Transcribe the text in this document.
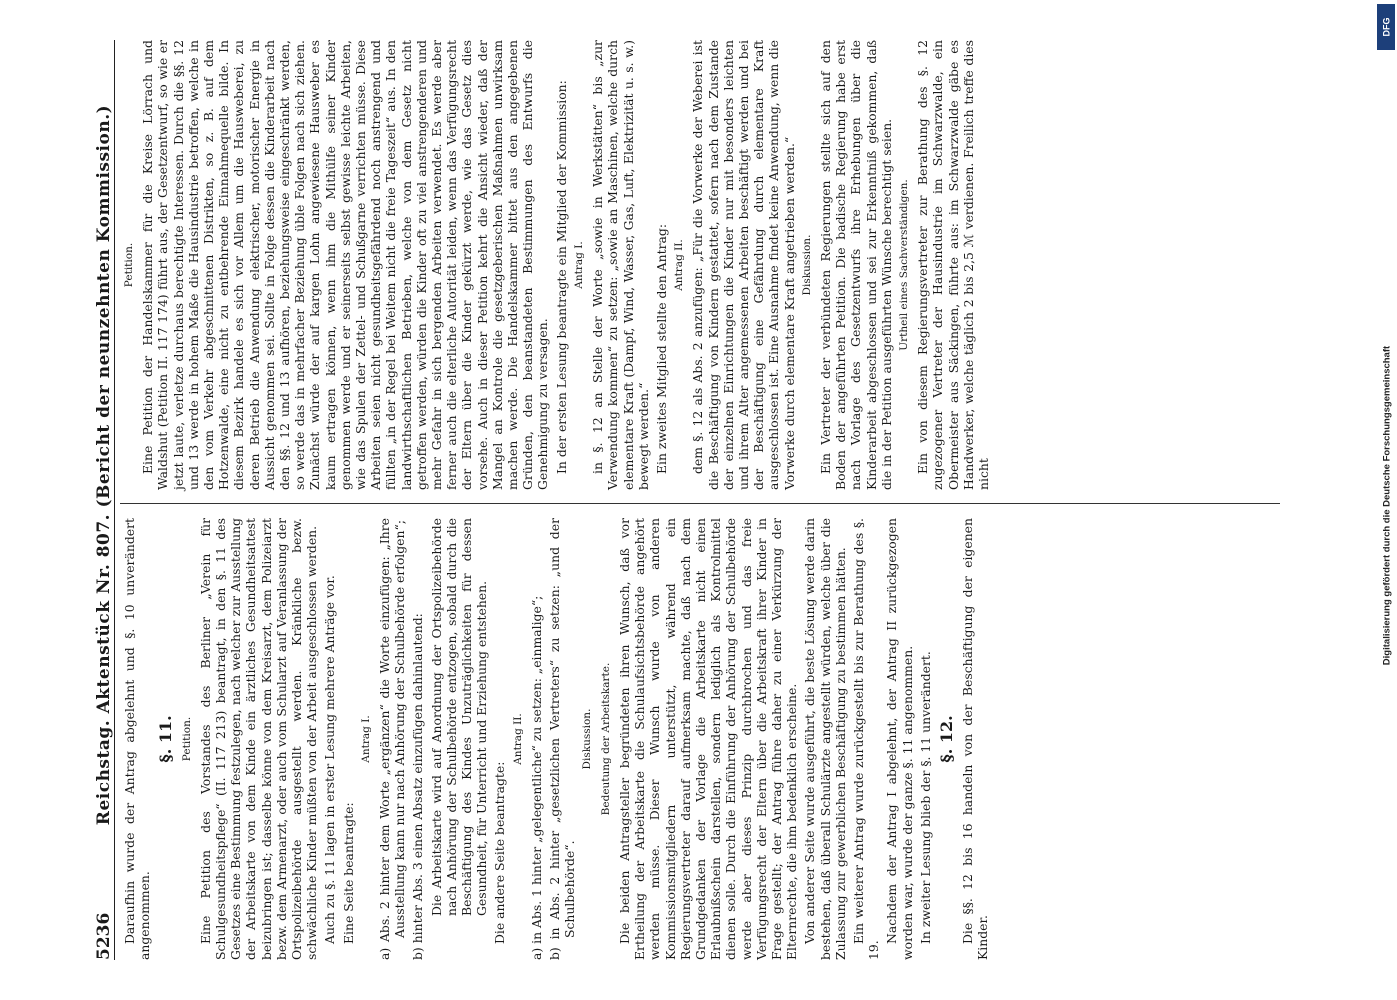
5236
Reichstag. Aktenstück Nr. 807. (Bericht der neunzehnten Kommission.) Daraufhin wurde der Antrag abgelehnt und §. 10 unverändert angenommen.

§. 11. Petition. Eine Petition des Vorstandes des Berliner „Verein für Schulgesundheitspflege“ (II. 117 213) beantragt, in den §. 11 des Gesetzes eine Bestimmung festzulegen, nach welcher zur Ausstellung der Arbeitskarte von dem Kinde ein ärztliches Gesundheitsattest beizubringen ist; dasselbe könne von dem Kreisarzt, dem Polizeiarzt bezw. dem Armenarzt, oder auch vom Schularzt auf Veranlassung der Ortspolizeibehörde ausgestellt werden. Kränkliche bezw. schwächliche Kinder müßten von der Arbeit ausgeschlossen werden. Auch zu §. 11 lagen in erster Lesung mehrere Anträge vor. Eine Seite beantragte:

Antrag I. a) Abs. 2 hinter dem Worte „ergänzen“ die Worte einzufügen: „Ihre Ausstellung kann nur nach Anhörung der Schulbehörde erfolgen“; b) hinter Abs. 3 einen Absatz einzufügen dahinlautend: Die Arbeitskarte wird auf Anordnung der Ortspolizeibehörde nach Anhörung der Schulbehörde entzogen, sobald durch die Beschäftigung des Kindes Unzuträglichkeiten für dessen Gesundheit, für Unterricht und Erziehung entstehen. Die andere Seite beantragte:

Antrag II. a) in Abs. 1 hinter „gelegentliche“ zu setzen: „einmalige“; b) in Abs. 2 hinter „gesetzlichen Vertreters“ zu setzen: „und der Schulbehörde“.

Diskussion. Bedeutung der Arbeitskarte. Die beiden Antragsteller begründeten ihren Wunsch, daß vor Ertheilung der Arbeitskarte die Schulaufsichtsbehörde angehört werden müsse. Dieser Wunsch wurde von anderen Kommissionsmitgliedern unterstützt, während ein Regierungsvertreter darauf aufmerksam machte, daß nach dem Grundgedanken der Vorlage die Arbeitskarte nicht einen Erlaubnißschein darstellen, sondern lediglich als Kontrolmittel dienen solle. Durch die Einführung der Anhörung der Schulbehörde werde aber dieses Prinzip durchbrochen und das freie Verfügungsrecht der Eltern über die Arbeitskraft ihrer Kinder in Frage gestellt; der Antrag führe daher zu einer Verkürzung der Elternrechte, die ihm bedenklich erscheine. Von anderer Seite wurde ausgeführt, die beste Lösung werde darin bestehen, daß überall Schulärzte angestellt würden, welche über die Zulassung zur gewerblichen Beschäftigung zu bestimmen hätten. Ein weiterer Antrag wurde zurückgestellt bis zur Berathung des §. 19.

Nachdem der Antrag I abgelehnt, der Antrag II zurückgezogen worden war, wurde der ganze §. 11 angenommen. In zweiter Lesung blieb der §. 11 unverändert. §. 12. Die §§. 12 bis 16 handeln von der Beschäftigung der eigenen Kinder.

Petition. Eine Petition der Handelskammer für die Kreise Lörrach und Waldshut (Petition II. 117 174) führt aus, der Gesetzentwurf, so wie er jetzt laute, verletze durchaus berechtigte Interessen. Durch die §§. 12 und 13 werde in hohem Maße die Hausindustrie betroffen, welche in den vom Verkehr abgeschnittenen Distrikten, so z. B. auf dem Hotzenwalde, eine nicht zu entbehrende Einnahmequelle bilde. In diesem Bezirk handele es sich vor Allem um die Hausweberei, zu deren Betrieb die Anwendung elektrischer, motorischer Energie in Aussicht genommen sei. Sollte in Folge dessen die Kinderarbeit nach den §§. 12 und 13 aufhören, beziehungsweise eingeschränkt werden, so werde das in mehrfacher Beziehung üble Folgen nach sich ziehen. Zunächst würde der auf kargen Lohn angewiesene Hausweber es kaum ertragen können, wenn ihm die Mithülfe seiner Kinder genommen werde und er seinerseits selbst gewisse leichte Arbeiten, wie das Spulen der Zettel- und Schußgarne verrichten müsse. Diese Arbeiten seien nicht gesundheitsgefährdend noch anstrengend und füllten „in der Regel bei Weitem nicht die freie Tageszeit“ aus. In den landwirthschaftlichen Betrieben, welche von dem Gesetz nicht getroffen werden, würden die Kinder oft zu viel anstrengenderen und mehr Gefahr in sich bergenden Arbeiten verwendet. Es werde aber ferner auch die elterliche Autorität leiden, wenn das Verfügungsrecht der Eltern über die Kinder gekürzt werde, wie das Gesetz dies vorsehe. Auch in dieser Petition kehrt die Ansicht wieder, daß der Mangel an Kontrole die gesetzgeberischen Maßnahmen unwirksam machen werde. Die Handelskammer bittet aus den angegebenen Gründen, den beanstandeten Bestimmungen des Entwurfs die Genehmigung zu versagen. In der ersten Lesung beantragte ein Mitglied der Kommission: Antrag I. in §. 12 an Stelle der Worte „sowie in Werkstätten“ bis „zur Verwendung kommen“ zu setzen: „sowie an Maschinen, welche durch elementare Kraft (Dampf, Wind, Wasser, Gas, Luft, Elektrizität u. s. w.) bewegt werden.“ Ein zweites Mitglied stellte den Antrag: Antrag II. dem §. 12 als Abs. 2 anzufügen: „Für die Vorwerke der Weberei ist die Beschäftigung von Kindern gestattet, sofern nach dem Zustande der einzelnen Einrichtungen die Kinder nur mit besonders leichten und ihrem Alter angemessenen Arbeiten beschäftigt werden und bei der Beschäftigung eine Gefährdung durch elementare Kraft ausgeschlossen ist. Eine Ausnahme findet keine Anwendung, wenn die Vorwerke durch elementare Kraft angetrieben werden.“ Diskussion. Ein Vertreter der verbündeten Regierungen stellte sich auf den Boden der angeführten Petition. Die badische Regierung habe erst nach Vorlage des Gesetzentwurfs ihre Erhebungen über die Kinderarbeit abgeschlossen und sei zur Erkenntniß gekommen, daß die in der Petition ausgeführten Wünsche berechtigt seien. Urtheil eines Sachverständigen. Ein von diesem Regierungsvertreter zur Berathung des §. 12 zugezogener Vertreter der Hausindustrie im Schwarzwalde, ein Obermeister aus Säckingen, führte aus: im Schwarzwalde gäbe es Handwerker, welche täglich 2 bis 2,5 ℳ verdienen. Freilich treffe dies nicht

DFG
Digitalisierung gefördert durch die Deutsche Forschungsgemeinschaft
